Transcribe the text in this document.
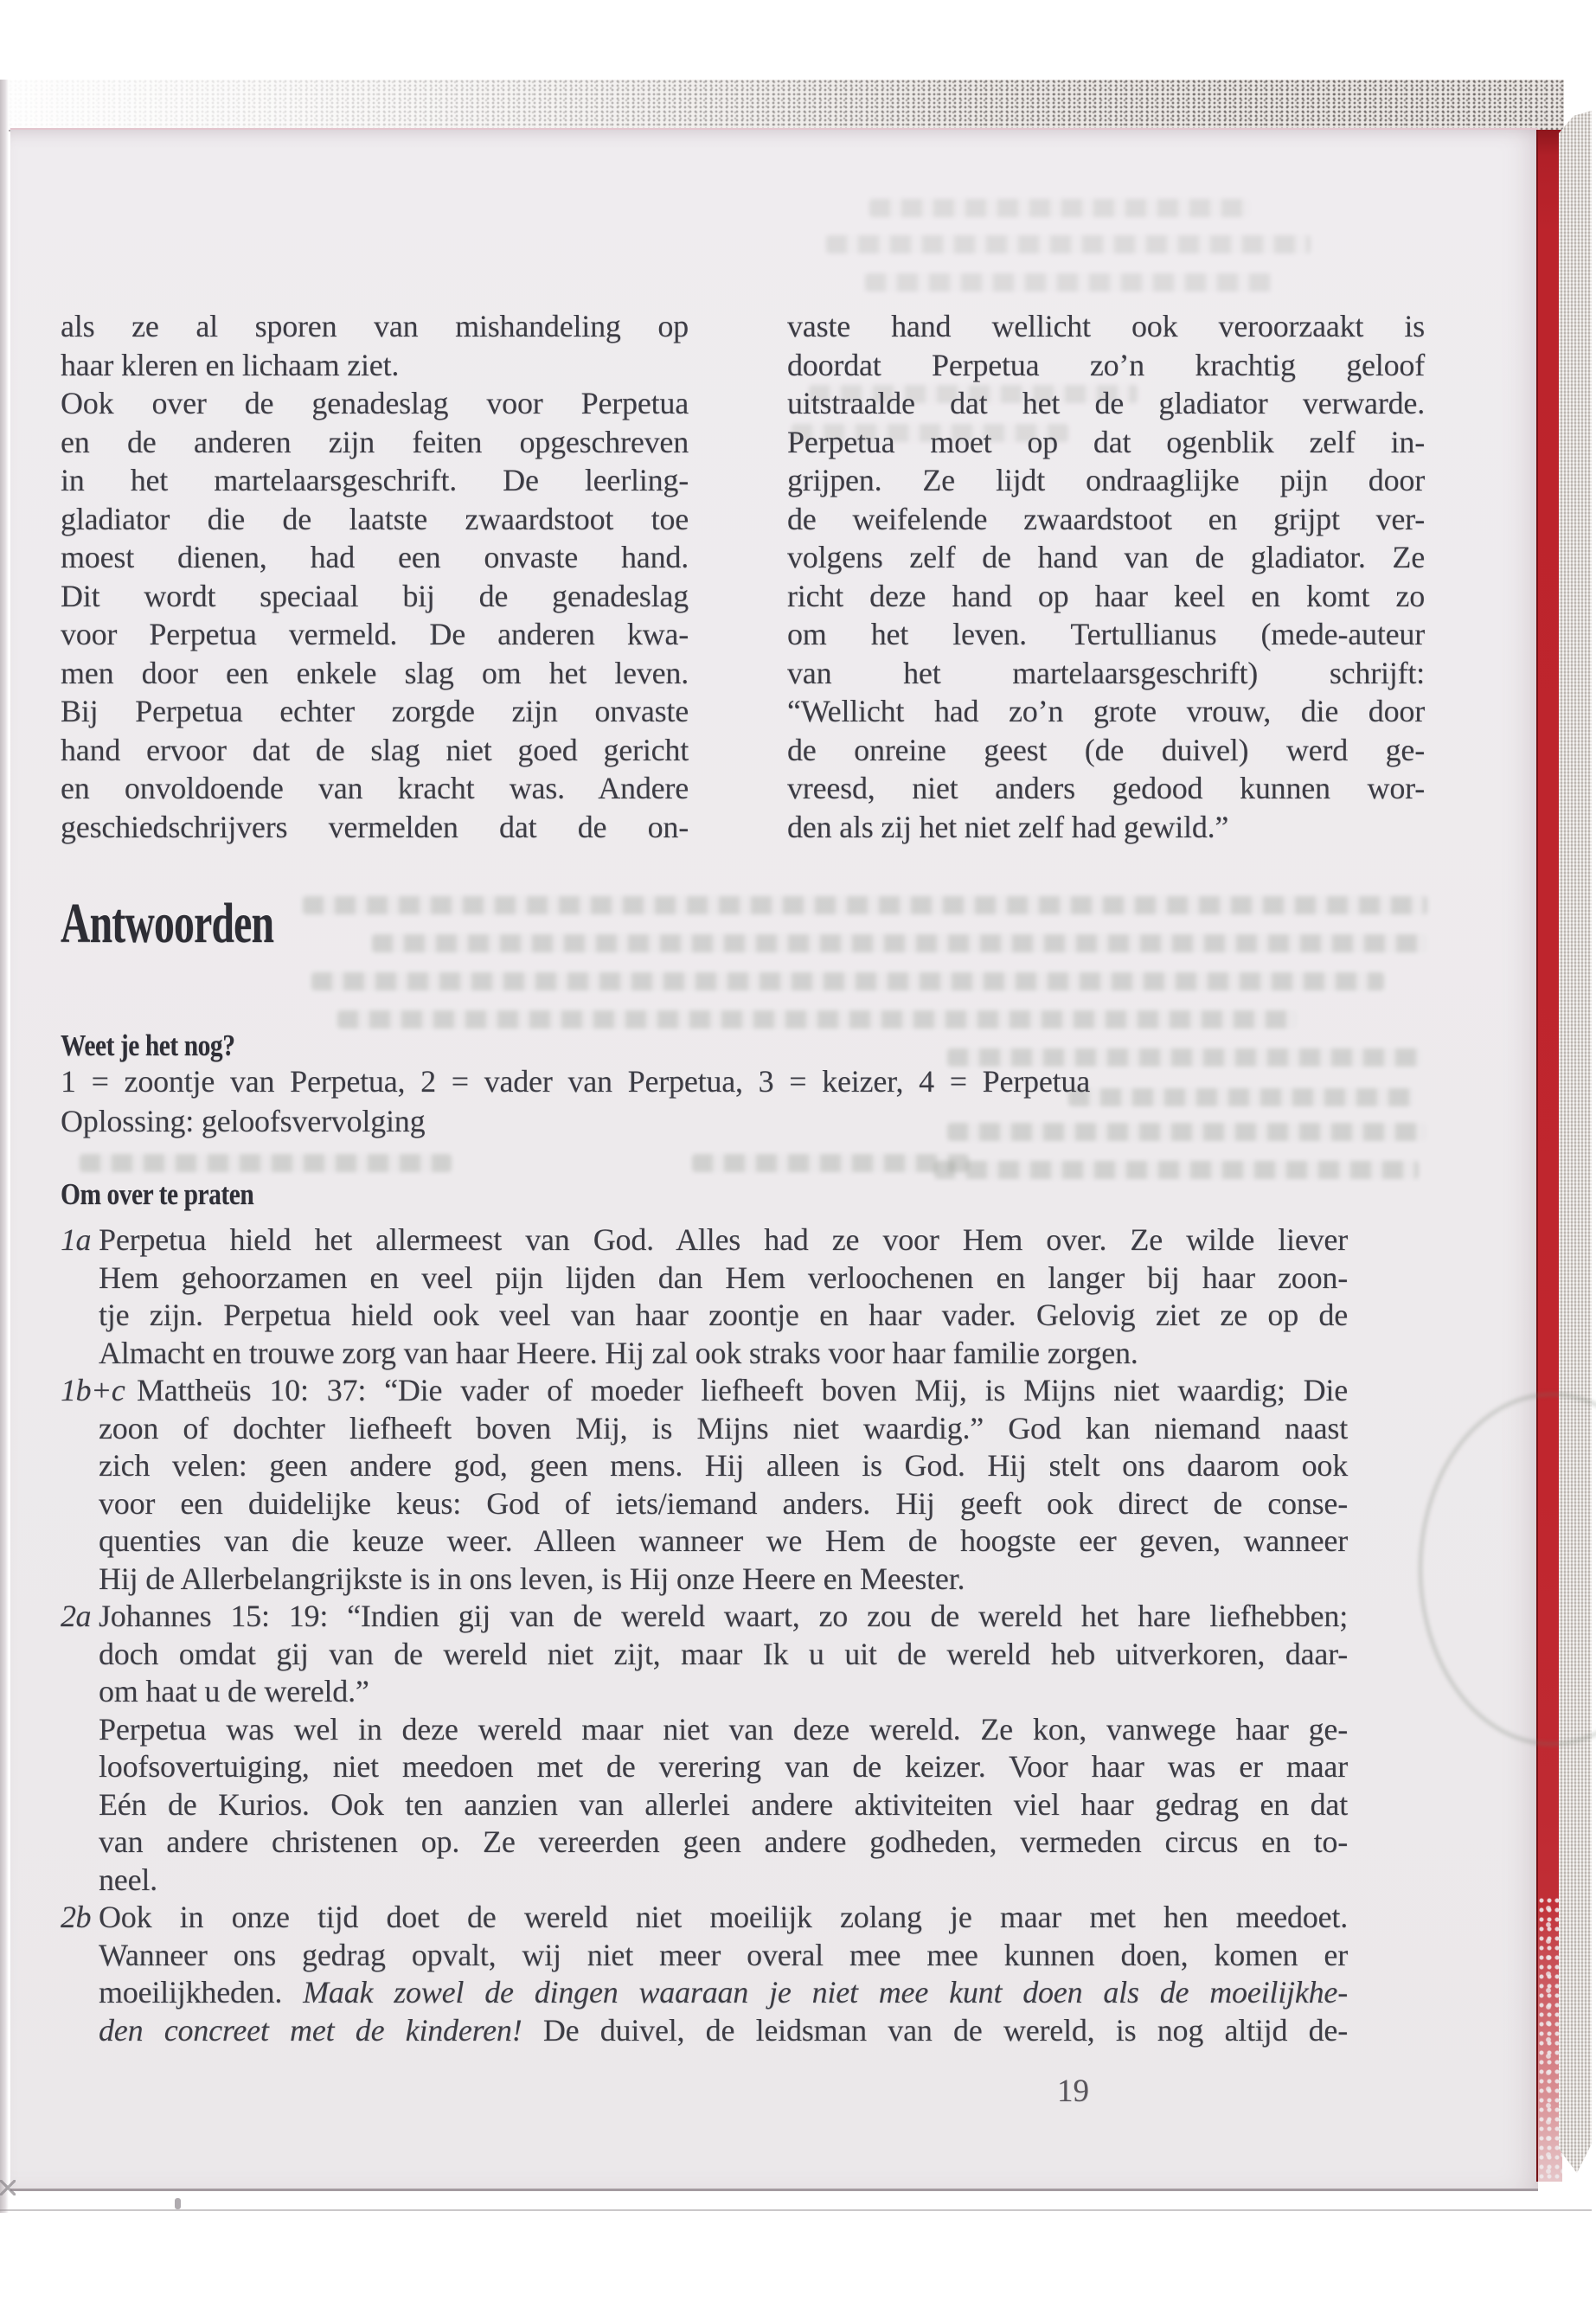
als ze al sporen van mishandeling op
haar kleren en lichaam ziet.
Ook over de genadeslag voor Perpetua
en de anderen zijn feiten opgeschreven
in het martelaarsgeschrift. De leerling-
gladiator die de laatste zwaardstoot toe
moest dienen, had een onvaste hand.
Dit wordt speciaal bij de genadeslag
voor Perpetua vermeld. De anderen kwa-
men door een enkele slag om het leven.
Bij Perpetua echter zorgde zijn onvaste
hand ervoor dat de slag niet goed gericht
en onvoldoende van kracht was. Andere
geschiedschrijvers vermelden dat de on-
vaste hand wellicht ook veroorzaakt is
doordat Perpetua zo’n krachtig geloof
uitstraalde dat het de gladiator verwarde.
Perpetua moet op dat ogenblik zelf in-
grijpen. Ze lijdt ondraaglijke pijn door
de weifelende zwaardstoot en grijpt ver-
volgens zelf de hand van de gladiator. Ze
richt deze hand op haar keel en komt zo
om het leven. Tertullianus (mede-auteur
van het martelaarsgeschrift) schrijft:
“Wellicht had zo’n grote vrouw, die door
de onreine geest (de duivel) werd ge-
vreesd, niet anders gedood kunnen wor-
den als zij het niet zelf had gewild.”
Antwoorden
Weet je het nog?
1 = zoontje van Perpetua, 2 = vader van Perpetua, 3 = keizer, 4 = Perpetua
Oplossing: geloofsvervolging
Om over te praten
1a Perpetua hield het allermeest van God. Alles had ze voor Hem over. Ze wilde liever
Hem gehoorzamen en veel pijn lijden dan Hem verloochenen en langer bij haar zoon-
tje zijn. Perpetua hield ook veel van haar zoontje en haar vader. Gelovig ziet ze op de
Almacht en trouwe zorg van haar Heere. Hij zal ook straks voor haar familie zorgen.
1b+c Mattheüs 10: 37: “Die vader of moeder liefheeft boven Mij, is Mijns niet waardig; Die
zoon of dochter liefheeft boven Mij, is Mijns niet waardig.” God kan niemand naast
zich velen: geen andere god, geen mens. Hij alleen is God. Hij stelt ons daarom ook
voor een duidelijke keus: God of iets/iemand anders. Hij geeft ook direct de conse-
quenties van die keuze weer. Alleen wanneer we Hem de hoogste eer geven, wanneer
Hij de Allerbelangrijkste is in ons leven, is Hij onze Heere en Meester.
2a Johannes 15: 19: “Indien gij van de wereld waart, zo zou de wereld het hare liefhebben;
doch omdat gij van de wereld niet zijt, maar Ik u uit de wereld heb uitverkoren, daar-
om haat u de wereld.”
Perpetua was wel in deze wereld maar niet van deze wereld. Ze kon, vanwege haar ge-
loofsovertuiging, niet meedoen met de verering van de keizer. Voor haar was er maar
Eén de Kurios. Ook ten aanzien van allerlei andere aktiviteiten viel haar gedrag en dat
van andere christenen op. Ze vereerden geen andere godheden, vermeden circus en to-
neel.
2b Ook in onze tijd doet de wereld niet moeilijk zolang je maar met hen meedoet.
Wanneer ons gedrag opvalt, wij niet meer overal mee mee kunnen doen, komen er
moeilijkheden. Maak zowel de dingen waaraan je niet mee kunt doen als de moeilijkhe-
den concreet met de kinderen! De duivel, de leidsman van de wereld, is nog altijd de-
19
